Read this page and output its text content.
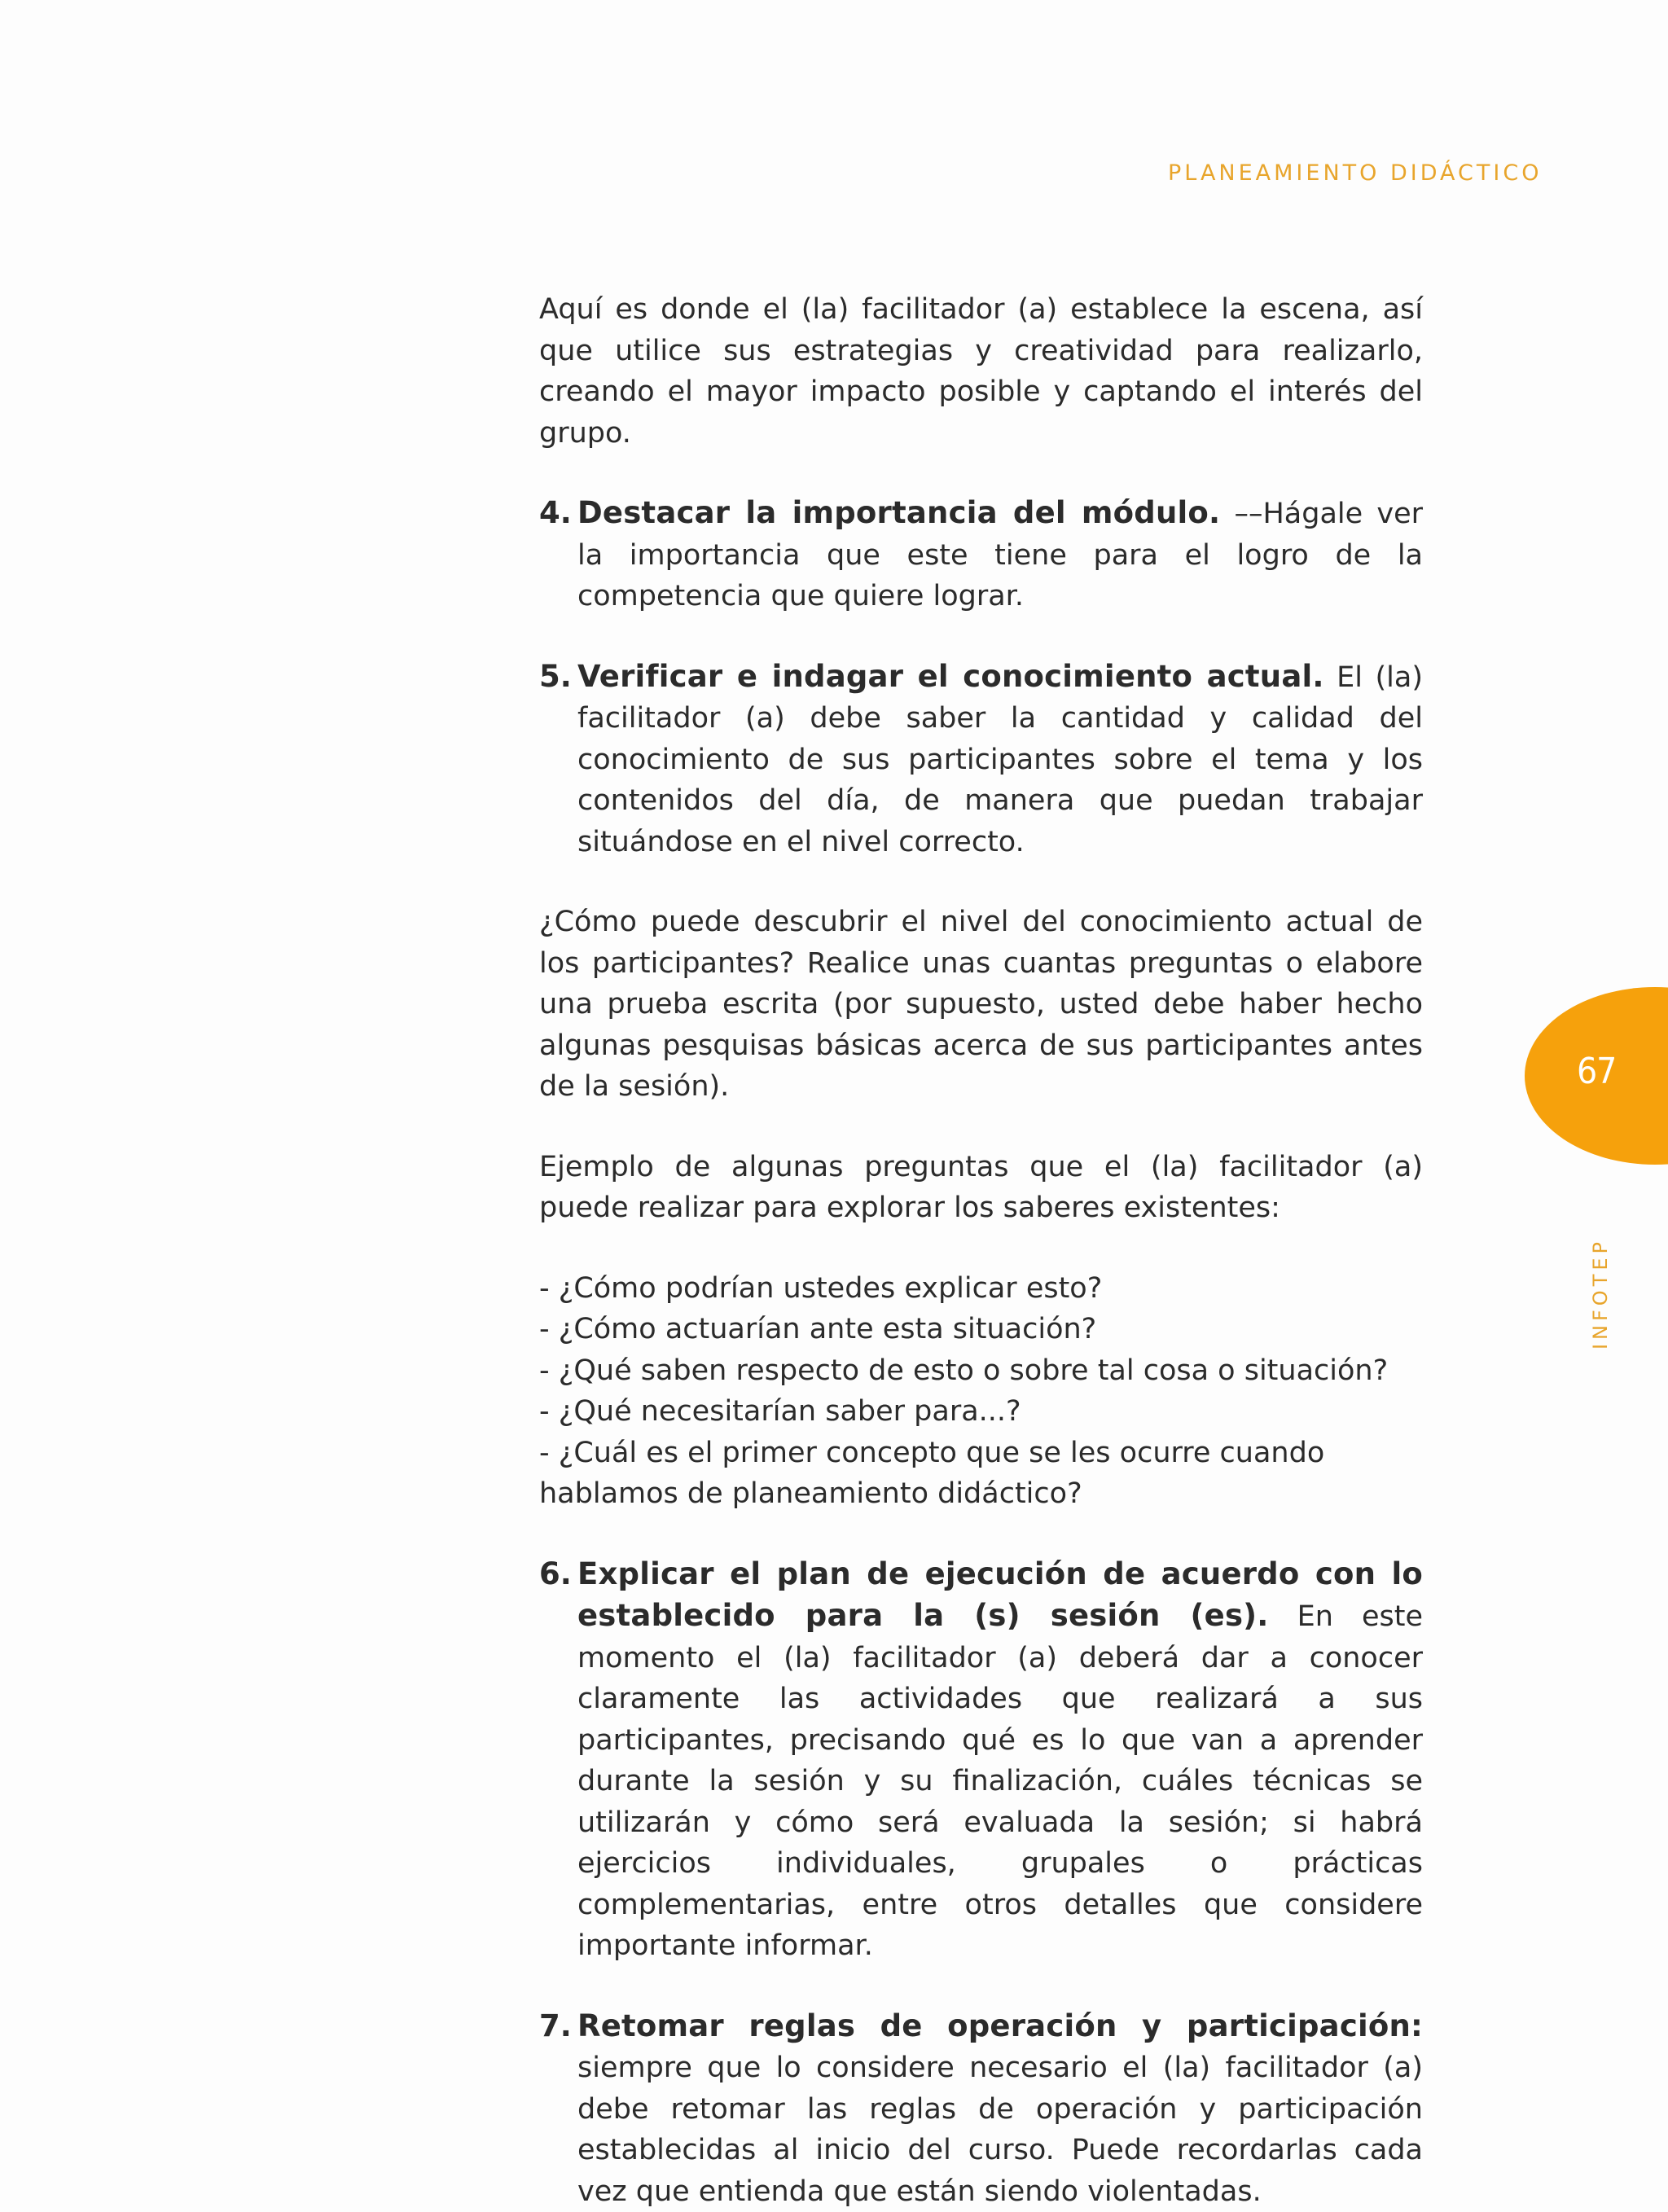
PLANEAMIENTO DIDÁCTICO

Aquí es donde el (la) facilitador (a) establece la escena, así que utilice sus estrategias y creatividad para realizarlo, creando el mayor impacto posible y captando el interés del grupo.

4. Destacar la importancia del módulo. ––Hágale ver la importancia que este tiene para el logro de la competencia que quiere lograr.
5. Verificar e indagar el conocimiento actual. El (la) facilitador (a) debe saber la cantidad y calidad del conocimiento de sus participantes sobre el tema y los contenidos del día, de manera que puedan trabajar situándose en el nivel correcto.

¿Cómo puede descubrir el nivel del conocimiento actual de los participantes? Realice unas cuantas preguntas o elabore una prueba escrita (por supuesto, usted debe haber hecho algunas pesquisas básicas acerca de sus participantes antes de la sesión).

Ejemplo de algunas preguntas que el (la) facilitador (a) puede realizar para explorar los saberes existentes:

- ¿Cómo podrían ustedes explicar esto?
- ¿Cómo actuarían ante esta situación?
- ¿Qué saben respecto de esto o sobre tal cosa o situación?
- ¿Qué necesitarían saber para...?
- ¿Cuál es el primer concepto que se les ocurre cuando hablamos de planeamiento didáctico?
6. Explicar el plan de ejecución de acuerdo con lo establecido para la (s) sesión (es). En este momento el (la) facilitador (a) deberá dar a conocer claramente las actividades que realizará a sus participantes, precisando qué es lo que van a aprender durante la sesión y su finalización, cuáles técnicas se utilizarán y cómo será evaluada la sesión; si habrá ejercicios individuales, grupales o prácticas complementarias, entre otros detalles que considere importante informar.
7. Retomar reglas de operación y participación: siempre que lo considere necesario el (la) facilitador (a) debe retomar las reglas de operación y participación establecidas al inicio del curso. Puede recordarlas cada vez que entienda que están siendo violentadas.
67
INFOTEP
